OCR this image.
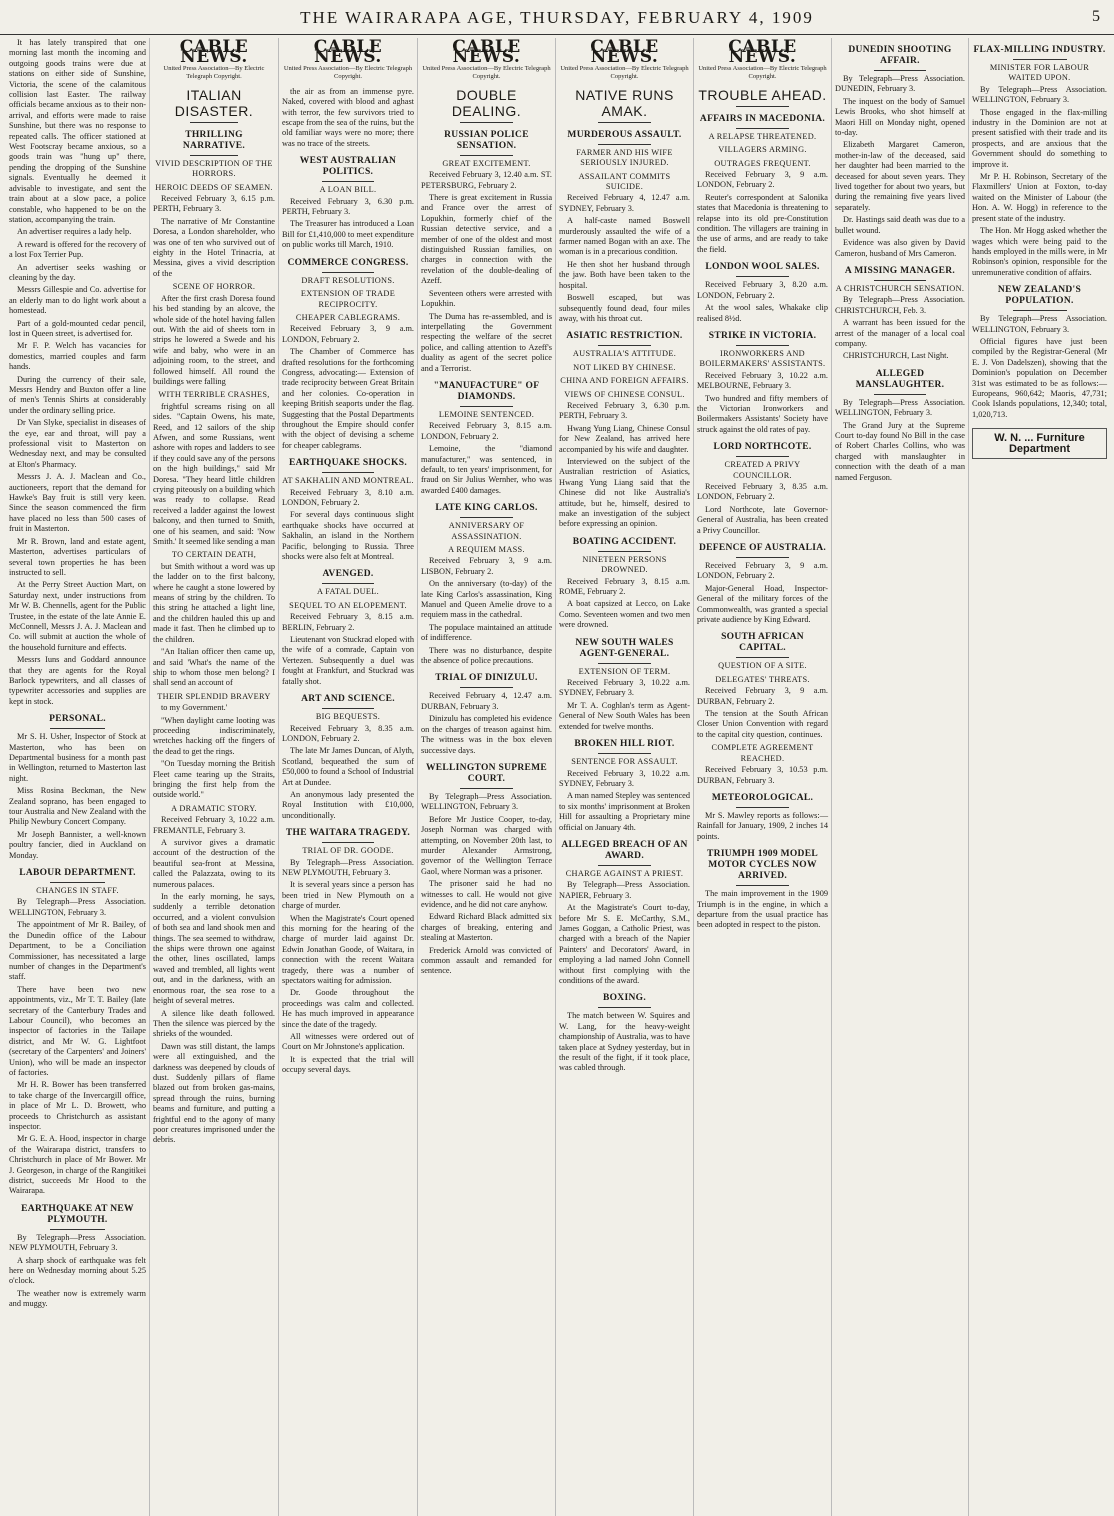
THE WAIRARAPA AGE, THURSDAY, FEBRUARY 4, 1909	5
It has lately transpired that one morning last month the incoming and outgoing goods trains were due at stations on either side of Sunshine, Victoria, the scene of the calamitous collision last Easter. The railway officials became anxious as to their non-arrival, and efforts were made to raise Sunshine, but there was no response to repeated calls. The officer stationed at West Footscray became anxious, so a goods train was "hung up" there, pending the dropping of the Sunshine signals. Eventually he deemed it advisable to investigate, and sent the train about at a slow pace, a police constable, who happened to be on the station, accompanying the train.
An advertiser requires a lady help.
A reward is offered for the recovery of a lost Fox Terrier Pup.
An advertiser seeks washing or cleaning by the day.
Messrs Gillespie and Co. advertise for an elderly man to do light work about a homestead.
Part of a gold-mounted cedar pencil, lost in Queen street, is advertised for.
Mr F. P. Welch has vacancies for domestics, married couples and farm hands.
During the currency of their sale, Messrs Hendry and Buxton offer a line of men's Tennis Shirts at considerably under the ordinary selling price.
Dr Van Slyke, specialist in diseases of the eye, ear and throat, will pay a professional visit to Masterton on Wednesday next, and may be consulted at Elton's Pharmacy.
Messrs J. A. J. Maclean and Co., auctioneers, report that the demand for Hawke's Bay fruit is still very keen. Since the season commenced the firm have placed no less than 500 cases of fruit in Masterton.
Mr R. Brown, land and estate agent, Masterton, advertises particulars of several town properties he has been instructed to sell.
At the Perry Street Auction Mart, on Saturday next, under instructions from Mr W. B. Chennells, agent for the Public Trustee, in the estate of the late Annie E. McConnell, Messrs J. A. J. Maclean and Co. will submit at auction the whole of the household furniture and effects.
Messrs Iuns and Goddard announce that they are agents for the Royal Barlock typewriters, and all classes of typewriter accessories and supplies are kept in stock.
PERSONAL.
Mr S. H. Usher, Inspector of Stock at Masterton, who has been on Departmental business for a month past in Wellington, returned to Masterton last night.
Miss Rosina Beckman, the New Zealand soprano, has been engaged to tour Australia and New Zealand with the Philip Newbury Concert Company.
Mr Joseph Bannister, a well-known poultry fancier, died in Auckland on Monday.
LABOUR DEPARTMENT.
CHANGES IN STAFF.
By Telegraph—Press Association. WELLINGTON, February 3.
The appointment of Mr R. Bailey, of the Dunedin office of the Labour Department, to be a Conciliation Commissioner, has necessitated a large number of changes in the Department's staff.
There have been two new appointments, viz., Mr T. T. Bailey (late secretary of the Canterbury Trades and Labour Council), who becomes an inspector of factories in the Tailape district, and Mr W. G. Lightfoot (secretary of the Carpenters' and Joiners' Union), who will be made an inspector of factories.
Mr H. R. Bower has been transferred to take charge of the Invercargill office, in place of Mr L. D. Browett, who proceeds to Christchurch as assistant inspector.
Mr G. E. A. Hood, inspector in charge of the Wairarapa district, transfers to Christchurch in place of Mr Bower. Mr J. Georgeson, in charge of the Rangitikei district, succeeds Mr Hood to the Wairarapa.
EARTHQUAKE AT NEW PLYMOUTH.
By Telegraph—Press Association. NEW PLYMOUTH, February 3.
A sharp shock of earthquake was felt here on Wednesday morning about 5.25 o'clock.
The weather now is extremely warm and muggy.
CABLE NEWS.
United Press Association—By Electric Telegraph Copyright.
ITALIAN DISASTER.
THRILLING NARRATIVE.
VIVID DESCRIPTION OF THE HORRORS.
HEROIC DEEDS OF SEAMEN.
Received February 3, 6.15 p.m. PERTH, February 3.
The narrative of Mr Constantine Doresa, a London shareholder, who was one of ten who survived out of eighty in the Hotel Trinacria, at Messina, gives a vivid description of the
SCENE OF HORROR.
After the first crash Doresa found his bed standing by an alcove, the whole side of the hotel having fallen out. With the aid of sheets torn in strips he lowered a Swede and his wife and baby, who were in an adjoining room, to the street, and followed himself. All round the buildings were falling
WITH TERRIBLE CRASHES,
frightful screams rising on all sides. "Captain Owens, his mate, Reed, and 12 sailors of the ship Afwen, and some Russians, went ashore with ropes and ladders to see if they could save any of the persons on the high buildings," said Mr Doresa. "They heard little children crying piteously on a building which was ready to collapse. Read received a ladder against the lowest balcony, and then turned to Smith, one of his seamen, and said: 'Now Smith.' It seemed like sending a man
TO CERTAIN DEATH,
but Smith without a word was up the ladder on to the first balcony, where he caught a stone lowered by means of string by the children. To this string he attached a light line, and the children hauled this up and made it fast. Then he climbed up to the children.
"An Italian officer then came up, and said 'What's the name of the ship to whom those men belong? I shall send an account of
THEIR SPLENDID BRAVERY
to my Government.'
"When daylight came looting was proceeding indiscriminately, wretches hacking off the fingers of the dead to get the rings.
"On Tuesday morning the British Fleet came tearing up the Straits, bringing the first help from the outside world."
A DRAMATIC STORY.
Received February 3, 10.22 a.m. FREMANTLE, February 3.
A survivor gives a dramatic account of the destruction of the beautiful sea-front at Messina, called the Palazzata, owing to its numerous palaces.
In the early morning, he says, suddenly a terrible detonation occurred, and a violent convulsion of both sea and land shook men and things. The sea seemed to withdraw, the ships were thrown one against the other, lines oscillated, lamps waved and trembled, all lights went out, and in the darkness, with an enormous roar, the sea rose to a height of several metres.
A silence like death followed. Then the silence was pierced by the shrieks of the wounded.
Dawn was still distant, the lamps were all extinguished, and the darkness was deepened by clouds of dust. Suddenly pillars of flame blazed out from broken gas-mains, spread through the ruins, burning beams and furniture, and putting a frightful end to the agony of many poor creatures imprisoned under the debris.
CABLE NEWS.
United Press Association—By Electric Telegraph Copyright.
the air as from an immense pyre. Naked, covered with blood and aghast with terror, the few survivors tried to escape from the sea of the ruins, but the old familiar ways were no more; there was no trace of the streets.
WEST AUSTRALIAN POLITICS.
A LOAN BILL.
Received February 3, 6.30 p.m. PERTH, February 3.
The Treasurer has introduced a Loan Bill for £1,410,000 to meet expenditure on public works till March, 1910.
COMMERCE CONGRESS.
DRAFT RESOLUTIONS.
EXTENSION OF TRADE RECIPROCITY.
CHEAPER CABLEGRAMS.
Received February 3, 9 a.m. LONDON, February 2.
The Chamber of Commerce has drafted resolutions for the forthcoming Congress, advocating:— Extension of trade reciprocity between Great Britain and her colonies. Co-operation in keeping British seaports under the flag. Suggesting that the Postal Departments throughout the Empire should confer with the object of devising a scheme for cheaper cablegrams.
EARTHQUAKE SHOCKS.
AT SAKHALIN AND MONTREAL.
Received February 3, 8.10 a.m. LONDON, February 2.
For several days continuous slight earthquake shocks have occurred at Sakhalin, an island in the Northern Pacific, belonging to Russia. Three shocks were also felt at Montreal.
AVENGED.
A FATAL DUEL.
SEQUEL TO AN ELOPEMENT.
Received February 3, 8.15 a.m. BERLIN, February 2.
Lieutenant von Stuckrad eloped with the wife of a comrade, Captain von Vertezen. Subsequently a duel was fought at Frankfurt, and Stuckrad was fatally shot.
ART AND SCIENCE.
BIG BEQUESTS.
Received February 3, 8.35 a.m. LONDON, February 2.
The late Mr James Duncan, of Alyth, Scotland, bequeathed the sum of £50,000 to found a School of Industrial Art at Dundee.
An anonymous lady presented the Royal Institution with £10,000, unconditionally.
THE WAITARA TRAGEDY.
TRIAL OF DR. GOODE.
By Telegraph—Press Association. NEW PLYMOUTH, February 3.
It is several years since a person has been tried in New Plymouth on a charge of murder.
When the Magistrate's Court opened this morning for the hearing of the charge of murder laid against Dr. Edwin Jonathan Goode, of Waitara, in connection with the recent Waitara tragedy, there was a number of spectators waiting for admission.
Dr. Goode throughout the proceedings was calm and collected. He has much improved in appearance since the date of the tragedy.
All witnesses were ordered out of Court on Mr Johnstone's application.
It is expected that the trial will occupy several days.
CABLE NEWS.
United Press Association—By Electric Telegraph Copyright.
DOUBLE DEALING.
RUSSIAN POLICE SENSATION.
GREAT EXCITEMENT.
Received February 3, 12.40 a.m. ST. PETERSBURG, February 2.
There is great excitement in Russia and France over the arrest of Lopukhin, formerly chief of the Russian detective service, and a member of one of the oldest and most distinguished Russian families, on charges in connection with the revelation of the double-dealing of Azeff.
Seventeen others were arrested with Lopukhin.
The Duma has re-assembled, and is interpellating the Government respecting the welfare of the secret police, and calling attention to Azeff's duality as agent of the secret police and a Terrorist.
"MANUFACTURE" OF DIAMONDS.
LEMOINE SENTENCED.
Received February 3, 8.15 a.m. LONDON, February 2.
Lemoine, the "diamond manufacturer," was sentenced, in default, to ten years' imprisonment, for fraud on Sir Julius Wernher, who was awarded £400 damages.
LATE KING CARLOS.
ANNIVERSARY OF ASSASSINATION.
A REQUIEM MASS.
Received February 3, 9 a.m. LISBON, February 2.
On the anniversary (to-day) of the late King Carlos's assassination, King Manuel and Queen Amelie drove to a requiem mass in the cathedral.
The populace maintained an attitude of indifference.
There was no disturbance, despite the absence of police precautions.
TRIAL OF DINIZULU.
Received February 4, 12.47 a.m. DURBAN, February 3.
Dinizulu has completed his evidence on the charges of treason against him. The witness was in the box eleven successive days.
WELLINGTON SUPREME COURT.
By Telegraph—Press Association. WELLINGTON, February 3.
Before Mr Justice Cooper, to-day, Joseph Norman was charged with attempting, on November 20th last, to murder Alexander Armstrong, governor of the Wellington Terrace Gaol, where Norman was a prisoner.
The prisoner said he had no witnesses to call. He would not give evidence, and he did not care anyhow.
Edward Richard Black admitted six charges of breaking, entering and stealing at Masterton.
Frederick Arnold was convicted of common assault and remanded for sentence.
CABLE NEWS.
United Press Association—By Electric Telegraph Copyright.
NATIVE RUNS AMAK.
MURDEROUS ASSAULT.
FARMER AND HIS WIFE SERIOUSLY INJURED.
ASSAILANT COMMITS SUICIDE.
Received February 4, 12.47 a.m. SYDNEY, February 3.
A half-caste named Boswell murderously assaulted the wife of a farmer named Bogan with an axe. The woman is in a precarious condition.
He then shot her husband through the jaw. Both have been taken to the hospital.
Boswell escaped, but was subsequently found dead, four miles away, with his throat cut.
ASIATIC RESTRICTION.
AUSTRALIA'S ATTITUDE.
NOT LIKED BY CHINESE.
CHINA AND FOREIGN AFFAIRS.
VIEWS OF CHINESE CONSUL.
Received February 3, 6.30 p.m. PERTH, February 3.
Hwang Yung Liang, Chinese Consul for New Zealand, has arrived here accompanied by his wife and daughter.
Interviewed on the subject of the Australian restriction of Asiatics, Hwang Yung Liang said that the Chinese did not like Australia's attitude, but he, himself, desired to make an investigation of the subject before expressing an opinion.
BOATING ACCIDENT.
NINETEEN PERSONS DROWNED.
Received February 3, 8.15 a.m. ROME, February 2.
A boat capsized at Lecco, on Lake Como. Seventeen women and two men were drowned.
NEW SOUTH WALES AGENT-GENERAL.
EXTENSION OF TERM.
Received February 3, 10.22 a.m. SYDNEY, February 3.
Mr T. A. Coghlan's term as Agent-General of New South Wales has been extended for twelve months.
BROKEN HILL RIOT.
SENTENCE FOR ASSAULT.
Received February 3, 10.22 a.m. SYDNEY, February 3.
A man named Stepley was sentenced to six months' imprisonment at Broken Hill for assaulting a Proprietary mine official on January 4th.
ALLEGED BREACH OF AN AWARD.
CHARGE AGAINST A PRIEST.
By Telegraph—Press Association. NAPIER, February 3.
At the Magistrate's Court to-day, before Mr S. E. McCarthy, S.M., James Goggan, a Catholic Priest, was charged with a breach of the Napier Painters' and Decorators' Award, in employing a lad named John Connell without first complying with the conditions of the award.
BOXING.
The match between W. Squires and W. Lang, for the heavy-weight championship of Australia, was to have taken place at Sydney yesterday, but in the result of the fight, if it took place, was cabled through.
CABLE NEWS.
United Press Association—By Electric Telegraph Copyright.
TROUBLE AHEAD.
AFFAIRS IN MACEDONIA.
A RELAPSE THREATENED.
VILLAGERS ARMING.
OUTRAGES FREQUENT.
Received February 3, 9 a.m. LONDON, February 2.
Reuter's correspondent at Salonika states that Macedonia is threatening to relapse into its old pre-Constitution condition. The villagers are training in the use of arms, and are ready to take the field.
LONDON WOOL SALES.
Received February 3, 8.20 a.m. LONDON, February 2.
At the wool sales, Whakake clip realised 8½d.
STRIKE IN VICTORIA.
IRONWORKERS AND BOILERMAKERS' ASSISTANTS.
Received February 3, 10.22 a.m. MELBOURNE, February 3.
Two hundred and fifty members of the Victorian Ironworkers and Boilermakers Assistants' Society have struck against the old rates of pay.
LORD NORTHCOTE.
CREATED A PRIVY COUNCILLOR.
Received February 3, 8.35 a.m. LONDON, February 2.
Lord Northcote, late Governor-General of Australia, has been created a Privy Councillor.
DEFENCE OF AUSTRALIA.
Received February 3, 9 a.m. LONDON, February 2.
Major-General Hoad, Inspector-General of the military forces of the Commonwealth, was granted a special private audience by King Edward.
SOUTH AFRICAN CAPITAL.
QUESTION OF A SITE.
DELEGATES' THREATS.
Received February 3, 9 a.m. DURBAN, February 2.
The tension at the South African Closer Union Convention with regard to the capital city question, continues.
COMPLETE AGREEMENT REACHED.
Received February 3, 10.53 p.m. DURBAN, February 3.
METEOROLOGICAL.
Mr S. Mawley reports as follows:—Rainfall for January, 1909, 2 inches 14 points.
TRIUMPH 1909 MODEL MOTOR CYCLES NOW ARRIVED.
The main improvement in the 1909 Triumph is in the engine, in which a departure from the usual practice has been adopted in respect to the piston.
DUNEDIN SHOOTING AFFAIR.
By Telegraph—Press Association. DUNEDIN, February 3.
The inquest on the body of Samuel Lewis Brooks, who shot himself at Maori Hill on Monday night, opened to-day.
Elizabeth Margaret Cameron, mother-in-law of the deceased, said her daughter had been married to the deceased for about seven years. They lived together for about two years, but during the remaining five years lived separately.
Dr. Hastings said death was due to a bullet wound.
Evidence was also given by David Cameron, husband of Mrs Cameron.
A MISSING MANAGER.
A CHRISTCHURCH SENSATION.
By Telegraph—Press Association. CHRISTCHURCH, Feb. 3.
A warrant has been issued for the arrest of the manager of a local coal company.
CHRISTCHURCH, Last Night.
ALLEGED MANSLAUGHTER.
By Telegraph—Press Association. WELLINGTON, February 3.
The Grand Jury at the Supreme Court to-day found No Bill in the case of Robert Charles Collins, who was charged with manslaughter in connection with the death of a man named Ferguson.
FLAX-MILLING INDUSTRY.
MINISTER FOR LABOUR WAITED UPON.
By Telegraph—Press Association. WELLINGTON, February 3.
Those engaged in the flax-milling industry in the Dominion are not at present satisfied with their trade and its prospects, and are anxious that the Government should do something to improve it.
Mr P. H. Robinson, Secretary of the Flaxmillers' Union at Foxton, to-day waited on the Minister of Labour (the Hon. A. W. Hogg) in reference to the present state of the industry.
The Hon. Mr Hogg asked whether the wages which were being paid to the hands employed in the mills were, in Mr Robinson's opinion, responsible for the unremunerative condition of affairs.
NEW ZEALAND'S POPULATION.
By Telegraph—Press Association. WELLINGTON, February 3.
Official figures have just been compiled by the Registrar-General (Mr E. J. Von Dadelszen), showing that the Dominion's population on December 31st was estimated to be as follows:—Europeans, 960,642; Maoris, 47,731; Cook Islands populations, 12,340; total, 1,020,713.
W. N. ... Furniture Department
